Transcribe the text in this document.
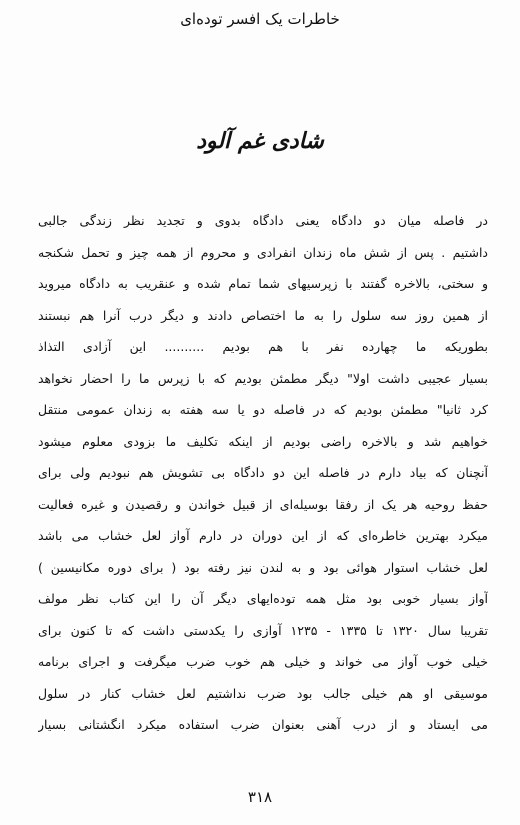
خاطرات یک افسر توده‌ای
شادی غم آلود
در فاصله میان دو دادگاه یعنی دادگاه بدوی و تجدید نظر زندگی جالبی
داشتیم . پس از شش ماه زندان انفرادی و محروم از همه چیز و تحمل شکنجه
و سختی، بالاخره گفتند با زپرسیهای شما تمام شده و عنقریب به دادگاه میروید
از همین روز سه سلول را به ما اختصاص دادند و دیگر درب آنرا هم نبستند
بطوریکه ما چهارده نفر با هم بودیم .......... این آزادی التذاذ
بسیار عجیبی داشت اولا" دیگر مطمئن بودیم که با زپرس ما را احضار نخواهد
کرد ثانیا" مطمئن بودیم که در فاصله دو یا سه هفته به زندان عمومی منتقل
خواهیم شد و بالاخره راضی بودیم از اینکه تکلیف ما بزودی معلوم میشود
آنچنان که بیاد دارم در فاصله این دو دادگاه بی تشویش هم نبودیم ولی برای
حفظ روحیه هر یک از رفقا بوسیله‌ای از قبیل خواندن و رقصیدن و غیره فعالیت
میکرد بهترین خاطره‌ای که از این دوران در دارم آواز لعل خشاب می باشد
لعل خشاب استوار هوائی بود و به لندن نیز رفته بود ( برای دوره مکانیسین )
آواز بسیار خوبی بود مثل همه توده‌ایهای دیگر آن را این کتاب نظر مولف
تقریبا سال ۱۳۲۰ تا ۱۳۳۵ - ۱۲۳۵ آوازی را یکدستی داشت که تا کنون برای
خیلی خوب آواز می خواند و خیلی هم خوب ضرب میگرفت و اجرای برنامه
موسیقی او هم خیلی جالب بود ضرب نداشتیم لعل خشاب کنار در سلول
می ایستاد و از درب آهنی بعنوان ضرب استفاده میکرد انگشتانی بسیار
۳۱۸
